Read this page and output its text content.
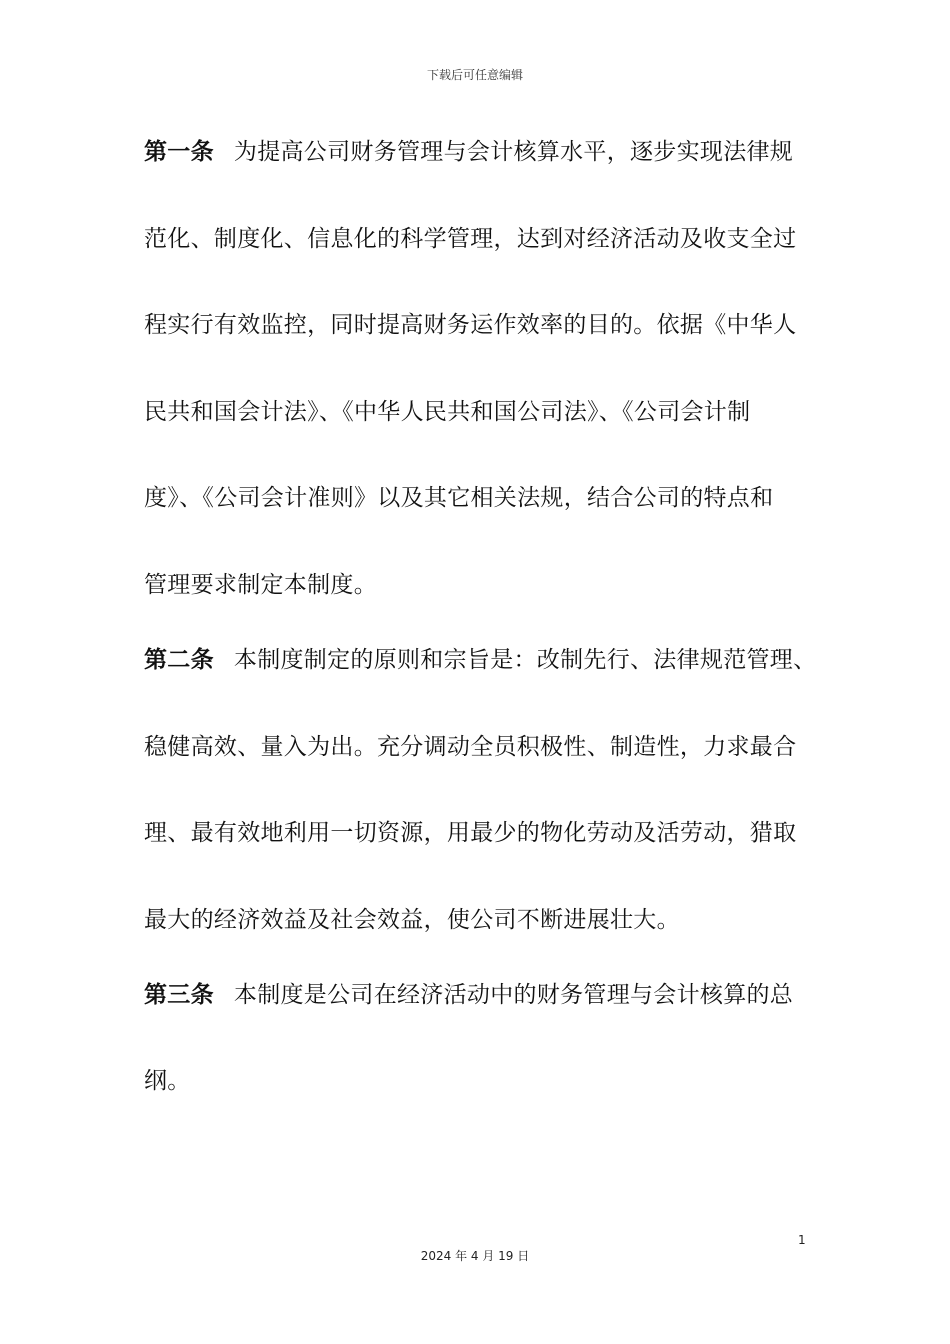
下载后可任意编辑
第一条 为提高公司财务管理与会计核算水平，逐步实现法律规
范化、制度化、信息化的科学管理，达到对经济活动及收支全过
程实行有效监控，同时提高财务运作效率的目的。依据《中华人
民共和国会计法》、《中华人民共和国公司法》、《公司会计制
度》、《公司会计准则》以及其它相关法规，结合公司的特点和
管理要求制定本制度。
第二条 本制度制定的原则和宗旨是：改制先行、法律规范管理、
稳健高效、量入为出。充分调动全员积极性、制造性，力求最合
理、最有效地利用一切资源，用最少的物化劳动及活劳动，猎取
最大的经济效益及社会效益，使公司不断进展壮大。
第三条 本制度是公司在经济活动中的财务管理与会计核算的总
纲。
1
2024 年 4 月 19 日
